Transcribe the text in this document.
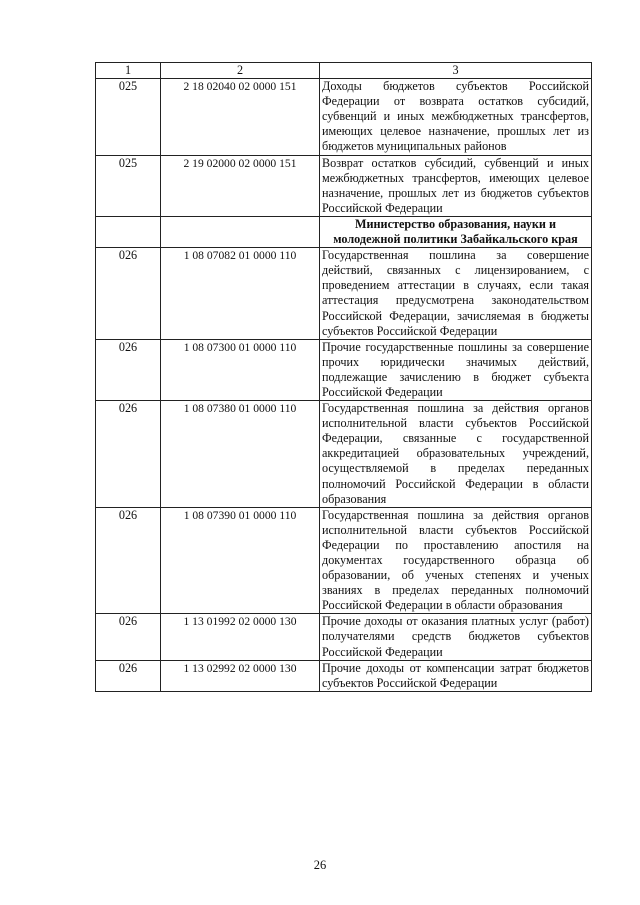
1	2	3
025	2 18 02040 02 0000 151	Доходы бюджетов субъектов Российской Федерации от возврата остатков субсидий, субвенций и иных межбюджетных трансфертов, имеющих целевое назначение, прошлых лет из бюджетов муниципальных районов
025	2 19 02000 02 0000 151	Возврат остатков субсидий, субвенций и иных межбюджетных трансфертов, имеющих целевое назначение, прошлых лет из бюджетов субъектов Российской Федерации
		Министерство образования, науки и молодежной политики Забайкальского края
026	1 08 07082 01 0000 110	Государственная пошлина за совершение действий, связанных с лицензированием, с проведением аттестации в случаях, если такая аттестация предусмотрена законодательством Российской Федерации, зачисляемая в бюджеты субъектов Российской Федерации
026	1 08 07300 01 0000 110	Прочие государственные пошлины за совершение прочих юридически значимых действий, подлежащие зачислению в бюджет субъекта Российской Федерации
026	1 08 07380 01 0000 110	Государственная пошлина за действия органов исполнительной власти субъектов Российской Федерации, связанные с государственной аккредитацией образовательных учреждений, осуществляемой в пределах переданных полномочий Российской Федерации в области образования
026	1 08 07390 01 0000 110	Государственная пошлина за действия органов исполнительной власти субъектов Российской Федерации по проставлению апостиля на документах государственного образца об образовании, об ученых степенях и ученых званиях в пределах переданных полномочий Российской Федерации в области образования
026	1 13 01992 02 0000 130	Прочие доходы от оказания платных услуг (работ) получателями средств бюджетов субъектов Российской Федерации
026	1 13 02992 02 0000 130	Прочие доходы от компенсации затрат бюджетов субъектов Российской Федерации
26
